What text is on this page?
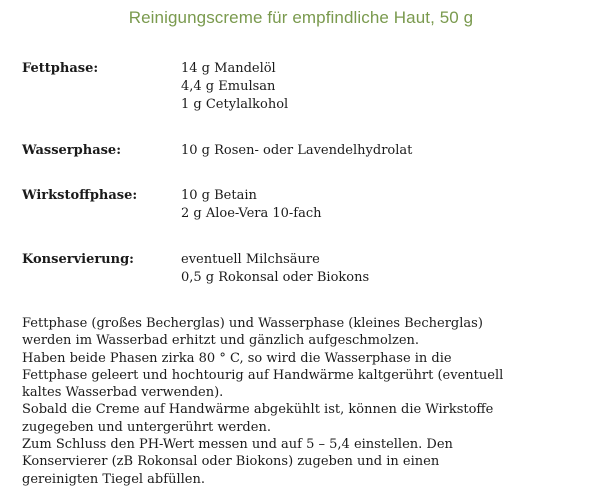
Reinigungscreme für empfindliche Haut, 50 g
Fettphase:	14 g Mandelöl
4,4 g Emulsan
1 g Cetylalkohol
Wasserphase:	10 g Rosen- oder Lavendelhydrolat
Wirkstoffphase:	10 g Betain
2 g Aloe-Vera 10-fach
Konservierung:	eventuell Milchsäure
0,5 g Rokonsal oder Biokons
Fettphase (großes Becherglas) und Wasserphase (kleines Becherglas)
werden im Wasserbad erhitzt und gänzlich aufgeschmolzen.
Haben beide Phasen zirka 80 ° C, so wird die Wasserphase in die
Fettphase geleert und hochtourig auf Handwärme kaltgerührt (eventuell
kaltes Wasserbad verwenden).
Sobald die Creme auf Handwärme abgekühlt ist, können die Wirkstoffe
zugegeben und untergerührt werden.
Zum Schluss den PH-Wert messen und auf 5 – 5,4 einstellen. Den
Konservierer (zB Rokonsal oder Biokons) zugeben und in einen
gereinigten Tiegel abfüllen.
